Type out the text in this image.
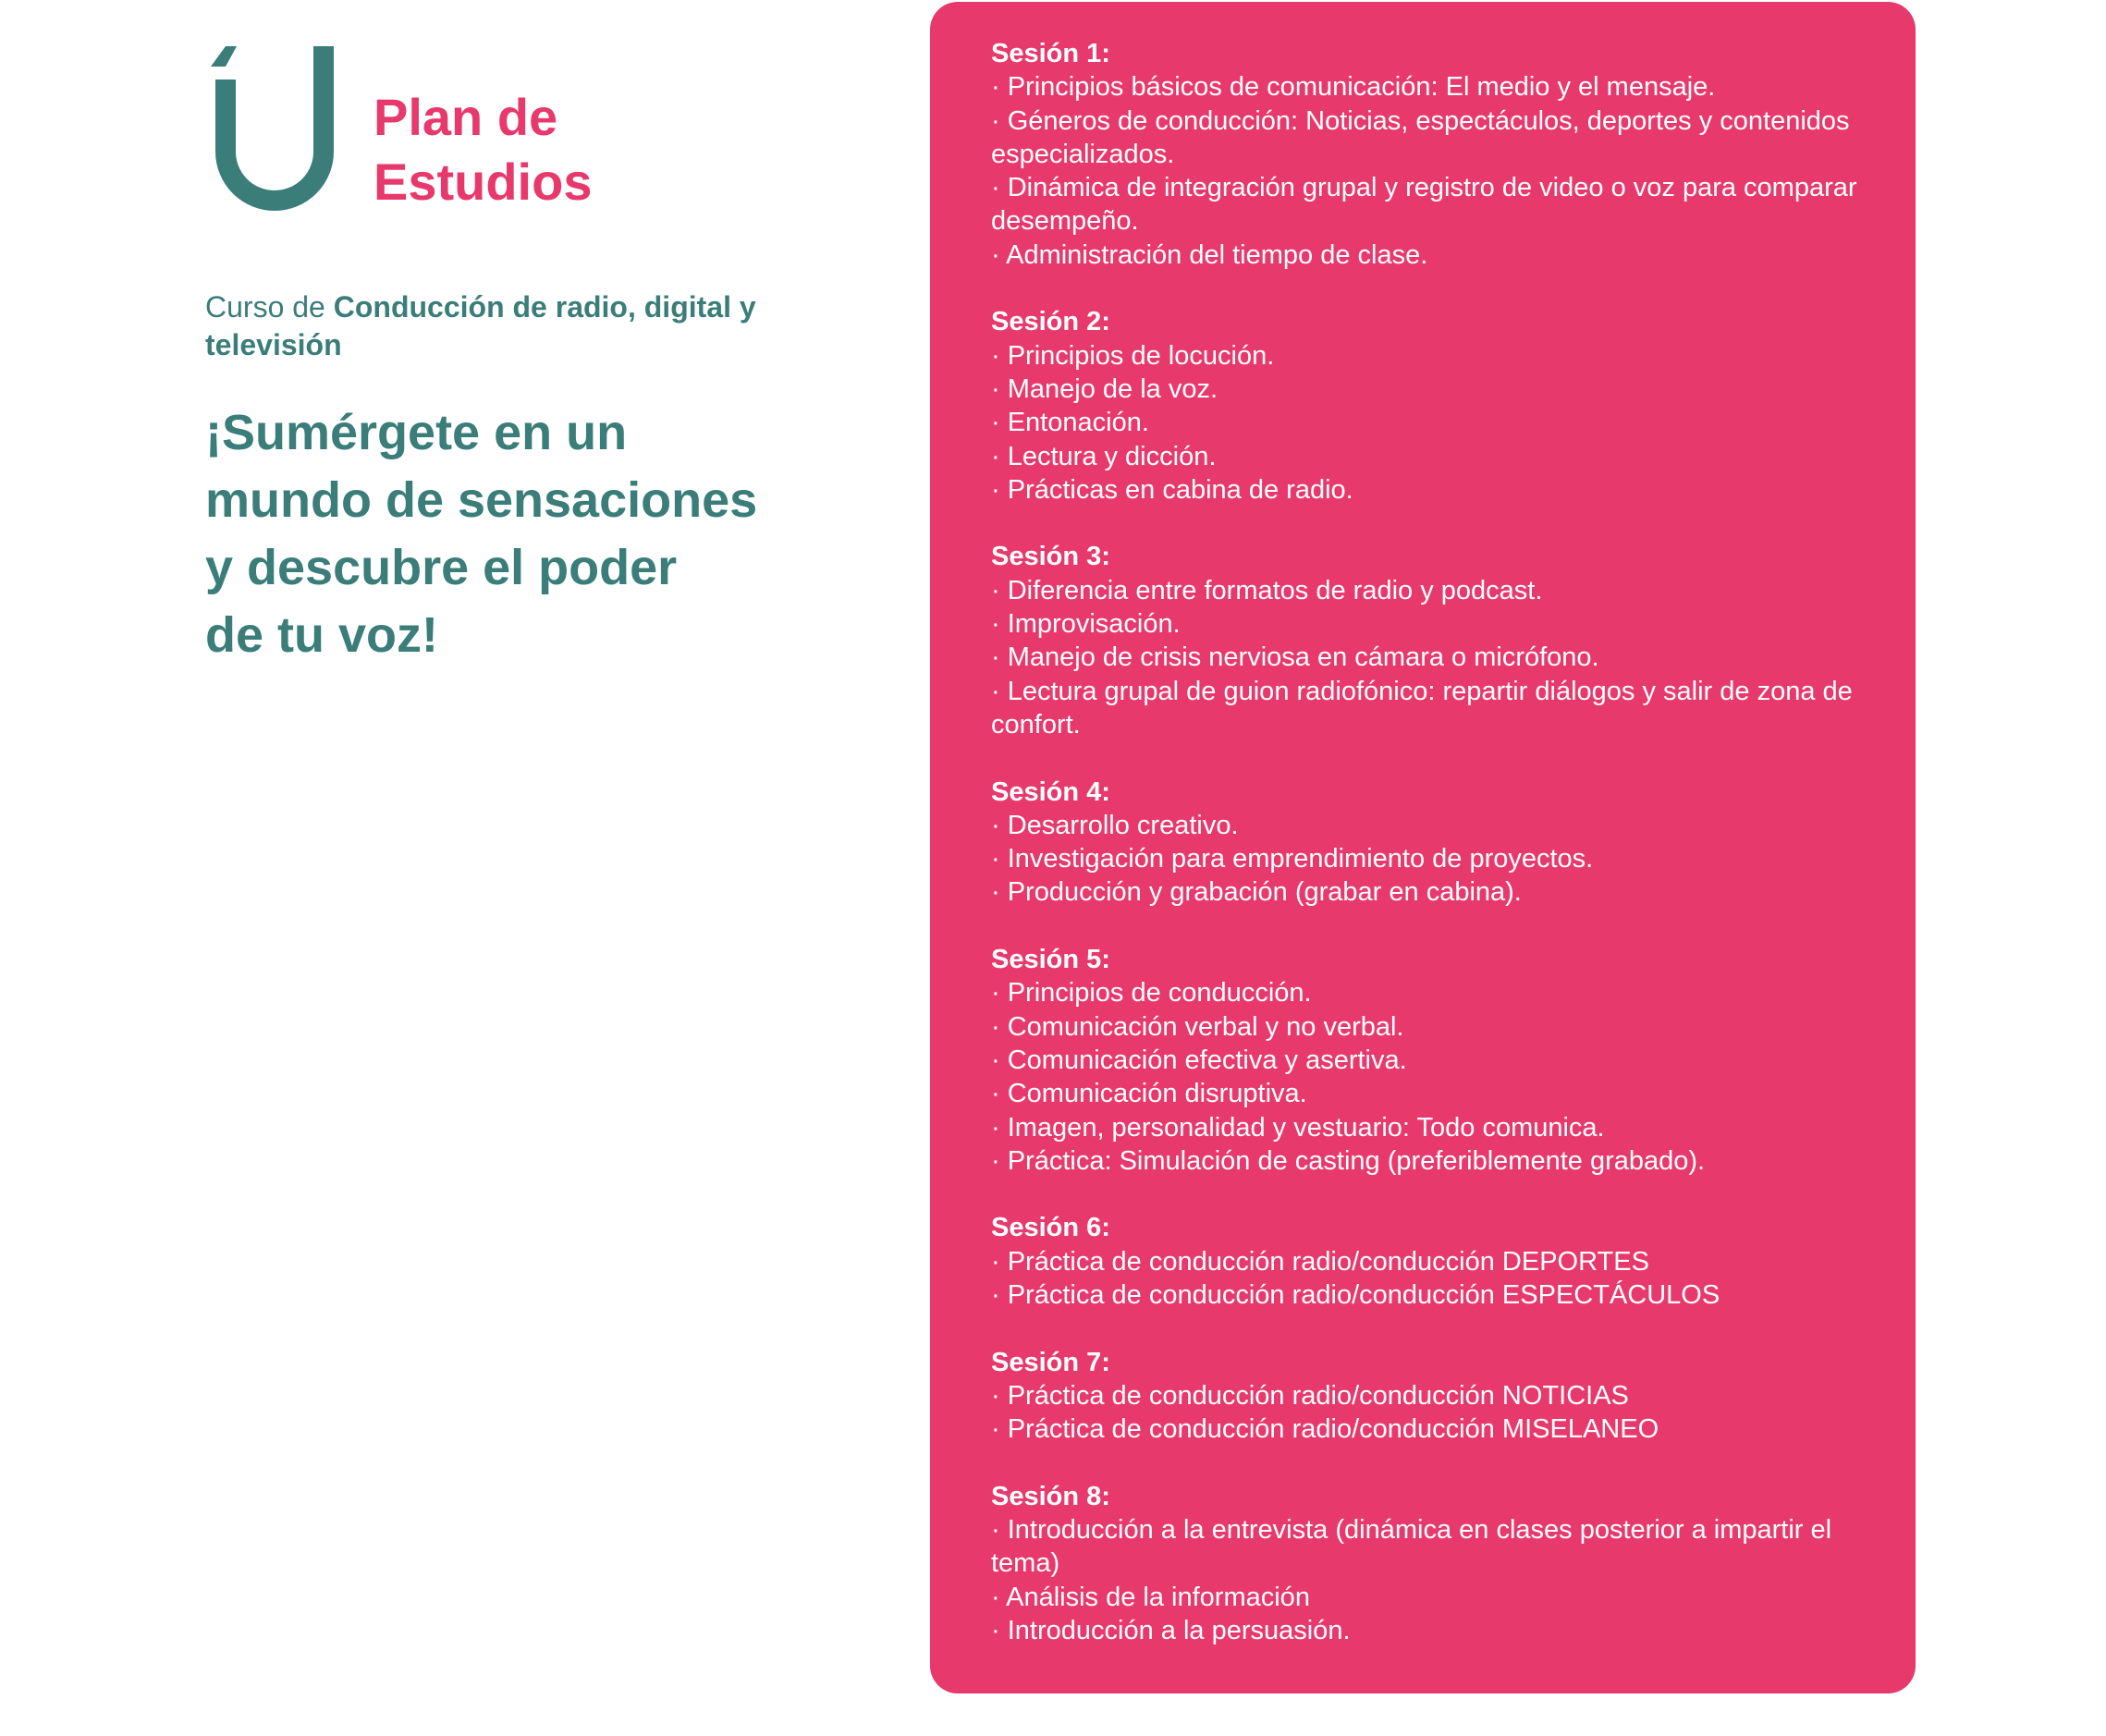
Plan de
Estudios
Curso de Conducción de radio, digital y televisión
¡Sumérgete en un
mundo de sensaciones
y descubre el poder
de tu voz!
Sesión 1:
· Principios básicos de comunicación: El medio y el mensaje.
· Géneros de conducción: Noticias, espectáculos, deportes y contenidos especializados.
· Dinámica de integración grupal y registro de video o voz para comparar desempeño.
· Administración del tiempo de clase.
Sesión 2:
· Principios de locución.
· Manejo de la voz.
· Entonación.
· Lectura y dicción.
· Prácticas en cabina de radio.
Sesión 3:
· Diferencia entre formatos de radio y podcast.
· Improvisación.
· Manejo de crisis nerviosa en cámara o micrófono.
· Lectura grupal de guion radiofónico: repartir diálogos y salir de zona de confort.
Sesión 4:
· Desarrollo creativo.
· Investigación para emprendimiento de proyectos.
· Producción y grabación (grabar en cabina).
Sesión 5:
· Principios de conducción.
· Comunicación verbal y no verbal.
· Comunicación efectiva y asertiva.
· Comunicación disruptiva.
· Imagen, personalidad y vestuario: Todo comunica.
· Práctica: Simulación de casting (preferiblemente grabado).
Sesión 6:
· Práctica de conducción radio/conducción DEPORTES
· Práctica de conducción radio/conducción ESPECTÁCULOS
Sesión 7:
· Práctica de conducción radio/conducción NOTICIAS
· Práctica de conducción radio/conducción MISELANEO
Sesión 8:
· Introducción a la entrevista (dinámica en clases posterior a impartir el tema)
· Análisis de la información
· Introducción a la persuasión.
